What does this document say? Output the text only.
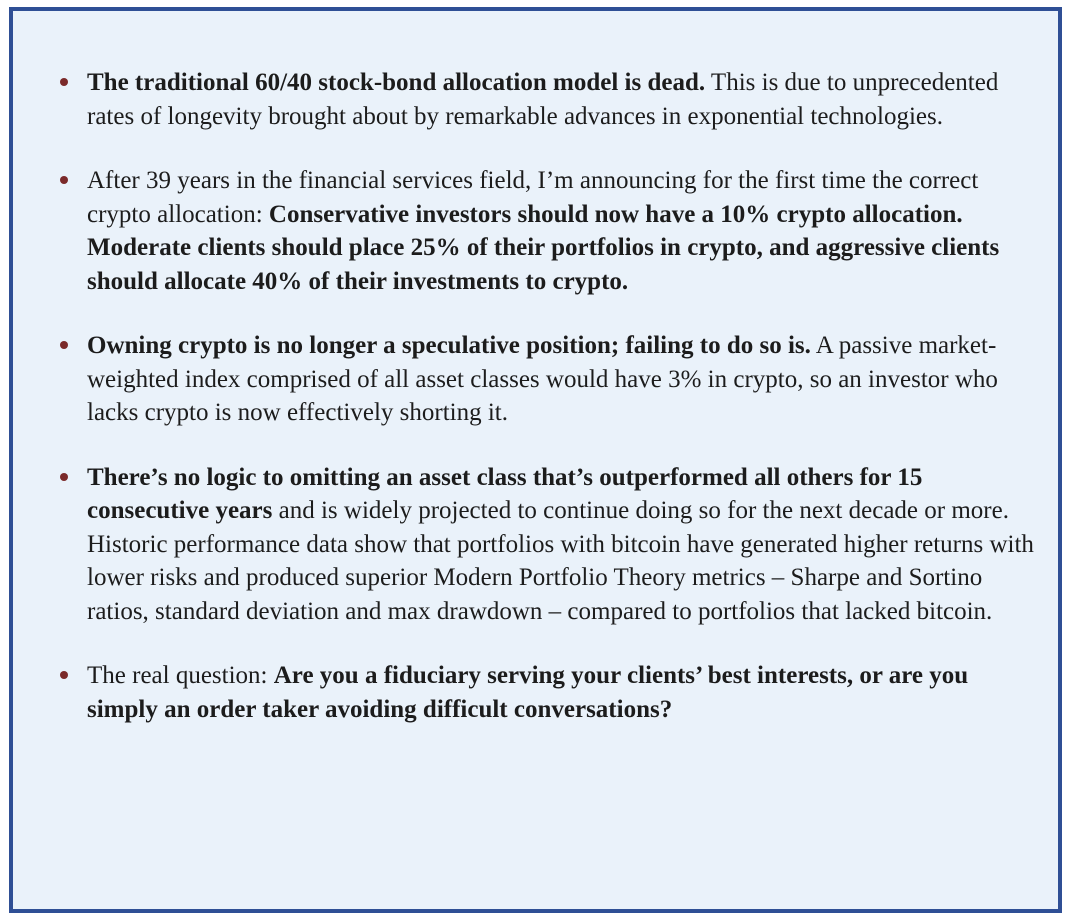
The traditional 60/40 stock-bond allocation model is dead. This is due to unprecedented rates of longevity brought about by remarkable advances in exponential technologies.
After 39 years in the financial services field, I’m announcing for the first time the correct crypto allocation: Conservative investors should now have a 10% crypto allocation. Moderate clients should place 25% of their portfolios in crypto, and aggressive clients should allocate 40% of their investments to crypto.
Owning crypto is no longer a speculative position; failing to do so is. A passive market-weighted index comprised of all asset classes would have 3% in crypto, so an investor who lacks crypto is now effectively shorting it.
There’s no logic to omitting an asset class that’s outperformed all others for 15 consecutive years and is widely projected to continue doing so for the next decade or more. Historic performance data show that portfolios with bitcoin have generated higher returns with lower risks and produced superior Modern Portfolio Theory metrics – Sharpe and Sortino ratios, standard deviation and max drawdown – compared to portfolios that lacked bitcoin.
The real question: Are you a fiduciary serving your clients’ best interests, or are you simply an order taker avoiding difficult conversations?
